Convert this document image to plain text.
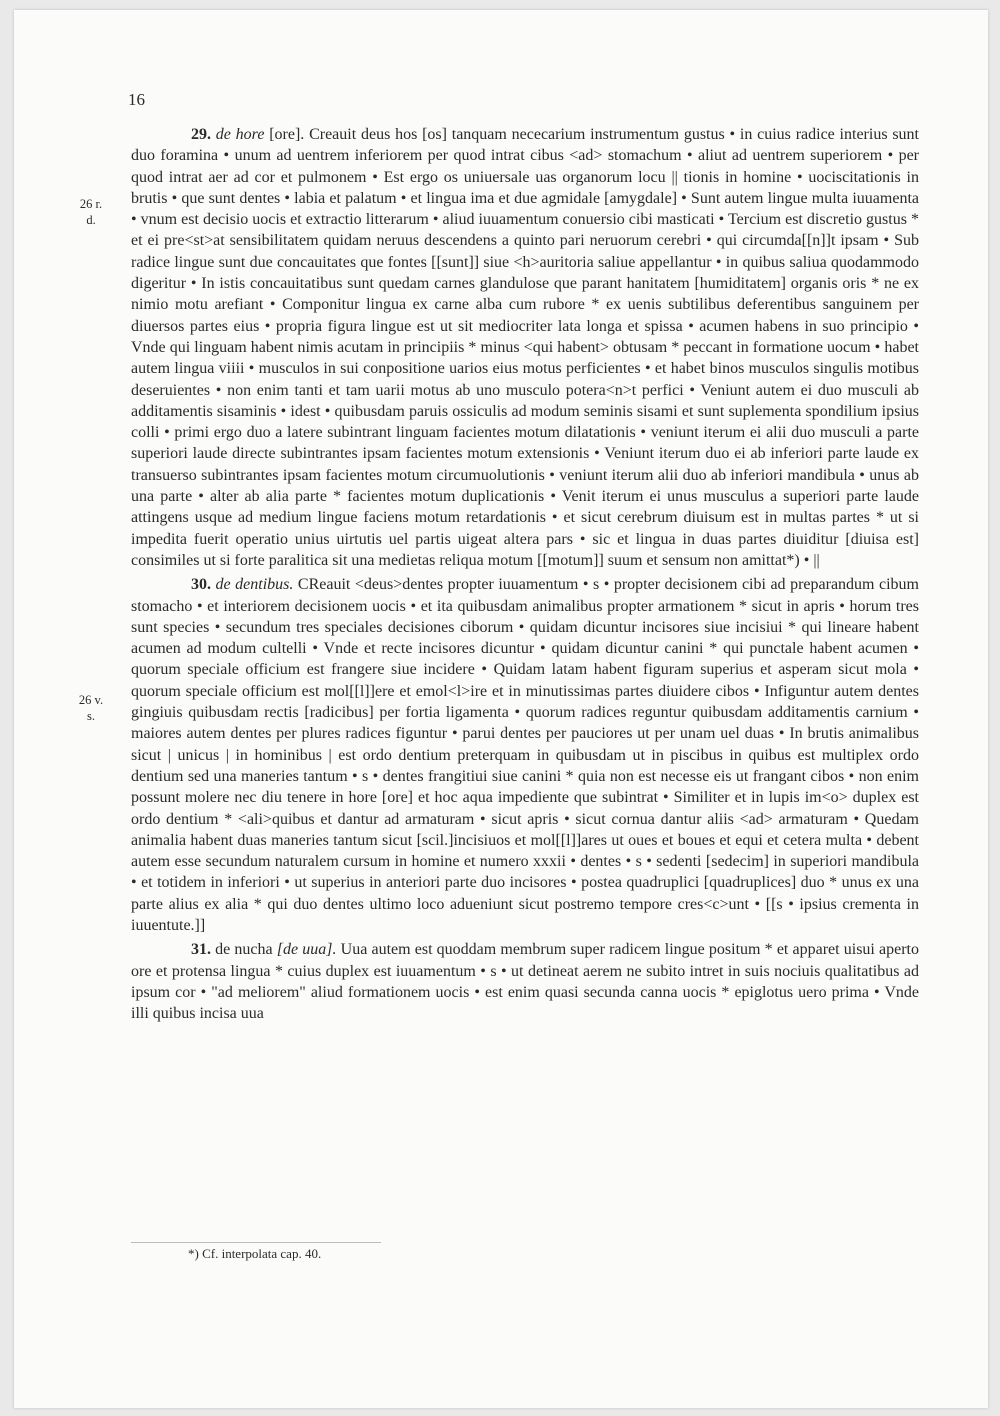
16
26 r.
d.
26 v.
s.

29. de hore [ore]. Creauit deus hos [os] tanquam nececarium instrumentum gustus • in cuius radice interius sunt duo foramina • unum ad uentrem inferiorem per quod intrat cibus <ad> stomachum • aliut ad uentrem superiorem • per quod intrat aer ad cor et pulmonem • Est ergo os uniuersale uas organorum locu || tionis in homine • uociscitationis in brutis • que sunt dentes • labia et palatum • et lingua ima et due agmidale [amygdale] • Sunt autem lingue multa iuuamenta • vnum est decisio uocis et extractio litterarum • aliud iuuamentum conuersio cibi masticati • Tercium est discretio gustus * et ei pre<st>at sensibilitatem quidam neruus descendens a quinto pari neruorum cerebri • qui circumda[[n]]t ipsam • Sub radice lingue sunt due concauitates que fontes [[sunt]] siue <h>auritoria saliue appellantur • in quibus saliua quodammodo digeritur • In istis concauitatibus sunt quedam carnes glandulose que parant hanitatem [humiditatem] organis oris * ne ex nimio motu arefiant • Componitur lingua ex carne alba cum rubore * ex uenis subtilibus deferentibus sanguinem per diuersos partes eius • propria figura lingue est ut sit mediocriter lata longa et spissa • acumen habens in suo principio • Vnde qui linguam habent nimis acutam in principiis * minus <qui habent> obtusam * peccant in formatione uocum • habet autem lingua viiii • musculos in sui conpositione uarios eius motus perficientes • et habet binos musculos singulis motibus deseruientes • non enim tanti et tam uarii motus ab uno musculo potera<n>t perfici • Veniunt autem ei duo musculi ab additamentis sisaminis • idest • quibusdam paruis ossiculis ad modum seminis sisami et sunt suplementa spondilium ipsius colli • primi ergo duo a latere subintrant linguam facientes motum dilatationis • veniunt iterum ei alii duo musculi a parte superiori laude directe subintrantes ipsam facientes motum extensionis • Veniunt iterum duo ei ab inferiori parte laude ex transuerso subintrantes ipsam facientes motum circumuolutionis • veniunt iterum alii duo ab inferiori mandibula • unus ab una parte • alter ab alia parte * facientes motum duplicationis • Venit iterum ei unus musculus a superiori parte laude attingens usque ad medium lingue faciens motum retardationis • et sicut cerebrum diuisum est in multas partes * ut si impedita fuerit operatio unius uirtutis uel partis uigeat altera pars • sic et lingua in duas partes diuiditur [diuisa est] consimiles ut si forte paralitica sit una medietas reliqua motum [[motum]] suum et sensum non amittat*) • ||

30. de dentibus. CReauit <deus>dentes propter iuuamentum • s • propter decisionem cibi ad preparandum cibum stomacho • et interiorem decisionem uocis • et ita quibusdam animalibus propter armationem * sicut in apris • horum tres sunt species • secundum tres speciales decisiones ciborum • quidam dicuntur incisores siue incisiui * qui lineare habent acumen ad modum cultelli • Vnde et recte incisores dicuntur • quidam dicuntur canini * qui punctale habent acumen • quorum speciale officium est frangere siue incidere • Quidam latam habent figuram superius et asperam sicut mola • quorum speciale officium est mol[[l]]ere et emol<l>ire et in minutissimas partes diuidere cibos • Infiguntur autem dentes gingiuis quibusdam rectis [radicibus] per fortia ligamenta • quorum radices reguntur quibusdam additamentis carnium • maiores autem dentes per plures radices figuntur • parui dentes per pauciores ut per unam uel duas • In brutis animalibus sicut | unicus | in hominibus | est ordo dentium preterquam in quibusdam ut in piscibus in quibus est multiplex ordo dentium sed una maneries tantum • s • dentes frangitiui siue canini * quia non est necesse eis ut frangant cibos • non enim possunt molere nec diu tenere in hore [ore] et hoc aqua impediente que subintrat • Similiter et in lupis im<o> duplex est ordo dentium * <ali>quibus et dantur ad armaturam • sicut apris • sicut cornua dantur aliis <ad> armaturam • Quedam animalia habent duas maneries tantum sicut [scil.]incisiuos et mol[[l]]ares ut oues et boues et equi et cetera multa • debent autem esse secundum naturalem cursum in homine et numero xxxii • dentes • s • sedenti [sedecim] in superiori mandibula • et totidem in inferiori • ut superius in anteriori parte duo incisores • postea quadruplici [quadruplices] duo * unus ex una parte alius ex alia * qui duo dentes ultimo loco adueniunt sicut postremo tempore cres<c>unt • [[s • ipsius crementa in iuuentute.]]

31. de nucha [de uua]. Uua autem est quoddam membrum super radicem lingue positum * et apparet uisui aperto ore et protensa lingua * cuius duplex est iuuamentum • s • ut detineat aerem ne subito intret in suis nociuis qualitatibus ad ipsum cor • "ad meliorem" aliud formationem uocis • est enim quasi secunda canna uocis * epiglotus uero prima • Vnde illi quibus incisa uua

*) Cf. interpolata cap. 40.
